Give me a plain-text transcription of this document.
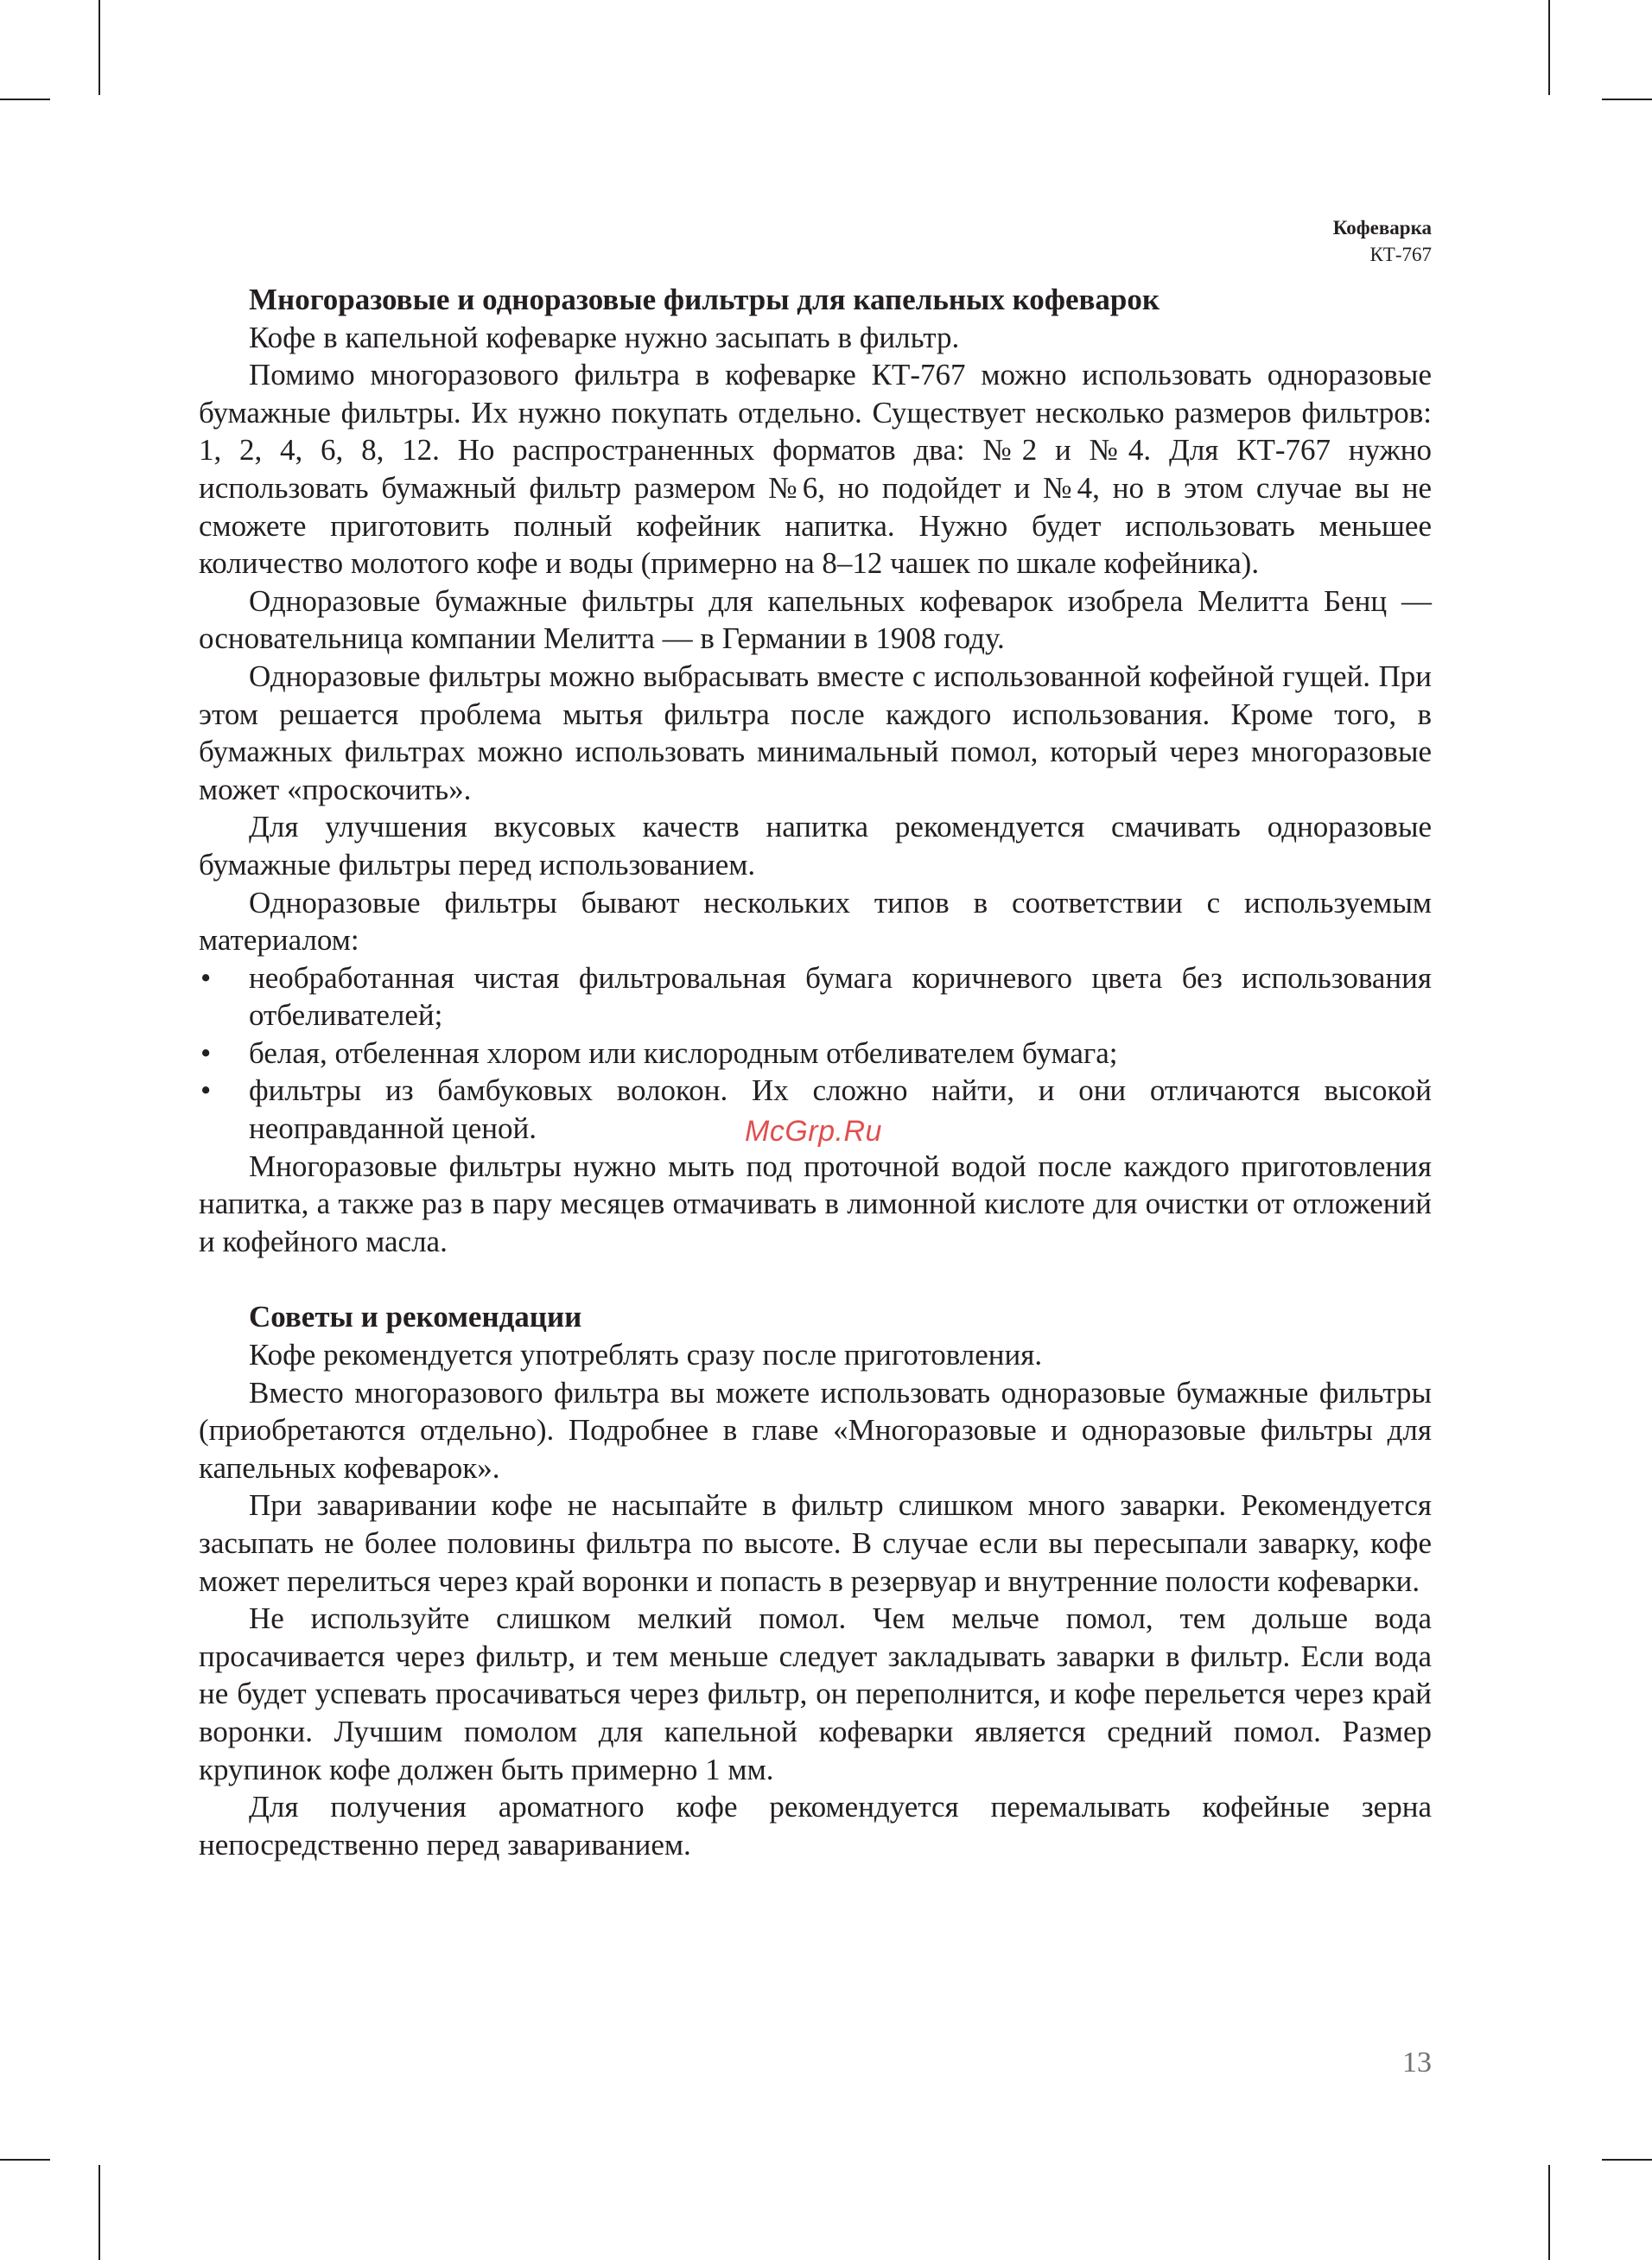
Кофеварка
КТ-767
Многоразовые и одноразовые фильтры для капельных кофеварок

Кофе в капельной кофеварке нужно засыпать в фильтр.

Помимо многоразового фильтра в кофеварке КТ-767 можно использовать одноразовые бумажные фильтры. Их нужно покупать отдельно. Существует несколько размеров фильтров: 1, 2, 4, 6, 8, 12. Но распространенных форматов два: №2 и №4. Для КТ-767 нужно использовать бумажный фильтр размером №6, но подойдет и №4, но в этом случае вы не сможете приготовить полный кофейник напитка. Нужно будет использовать меньшее количество молотого кофе и воды (примерно на 8–12 чашек по шкале кофейника).

Одноразовые бумажные фильтры для капельных кофеварок изобрела Мелитта Бенц — основательница компании Мелитта — в Германии в 1908 году.

Одноразовые фильтры можно выбрасывать вместе с использованной кофейной гущей. При этом решается проблема мытья фильтра после каждого использования. Кроме того, в бумажных фильтрах можно использовать минимальный помол, который через многоразовые может «проскочить».

Для улучшения вкусовых качеств напитка рекомендуется смачивать одноразовые бумажные фильтры перед использованием.

Одноразовые фильтры бывают нескольких типов в соответствии с используемым материалом:

• необработанная чистая фильтровальная бумага коричневого цвета без использования отбеливателей;
• белая, отбеленная хлором или кислородным отбеливателем бумага;
• фильтры из бамбуковых волокон. Их сложно найти, и они отличаются высокой неоправданной ценой.

Многоразовые фильтры нужно мыть под проточной водой после каждого приготовления напитка, а также раз в пару месяцев отмачивать в лимонной кислоте для очистки от отложений и кофейного масла.

Советы и рекомендации

Кофе рекомендуется употреблять сразу после приготовления.

Вместо многоразового фильтра вы можете использовать одноразовые бумажные фильтры (приобретаются отдельно). Подробнее в главе «Многоразовые и одноразовые фильтры для капельных кофеварок».

При заваривании кофе не насыпайте в фильтр слишком много заварки. Рекомендуется засыпать не более половины фильтра по высоте. В случае если вы пересыпали заварку, кофе может перелиться через край воронки и попасть в резервуар и внутренние полости кофеварки.

Не используйте слишком мелкий помол. Чем мельче помол, тем дольше вода просачивается через фильтр, и тем меньше следует закладывать заварки в фильтр. Если вода не будет успевать просачиваться через фильтр, он переполнится, и кофе перельется через край воронки. Лучшим помолом для капельной кофеварки является средний помол. Размер крупинок кофе должен быть примерно 1 мм.

Для получения ароматного кофе рекомендуется перемалывать кофейные зерна непосредственно перед завариванием.

McGrp.Ru
13
